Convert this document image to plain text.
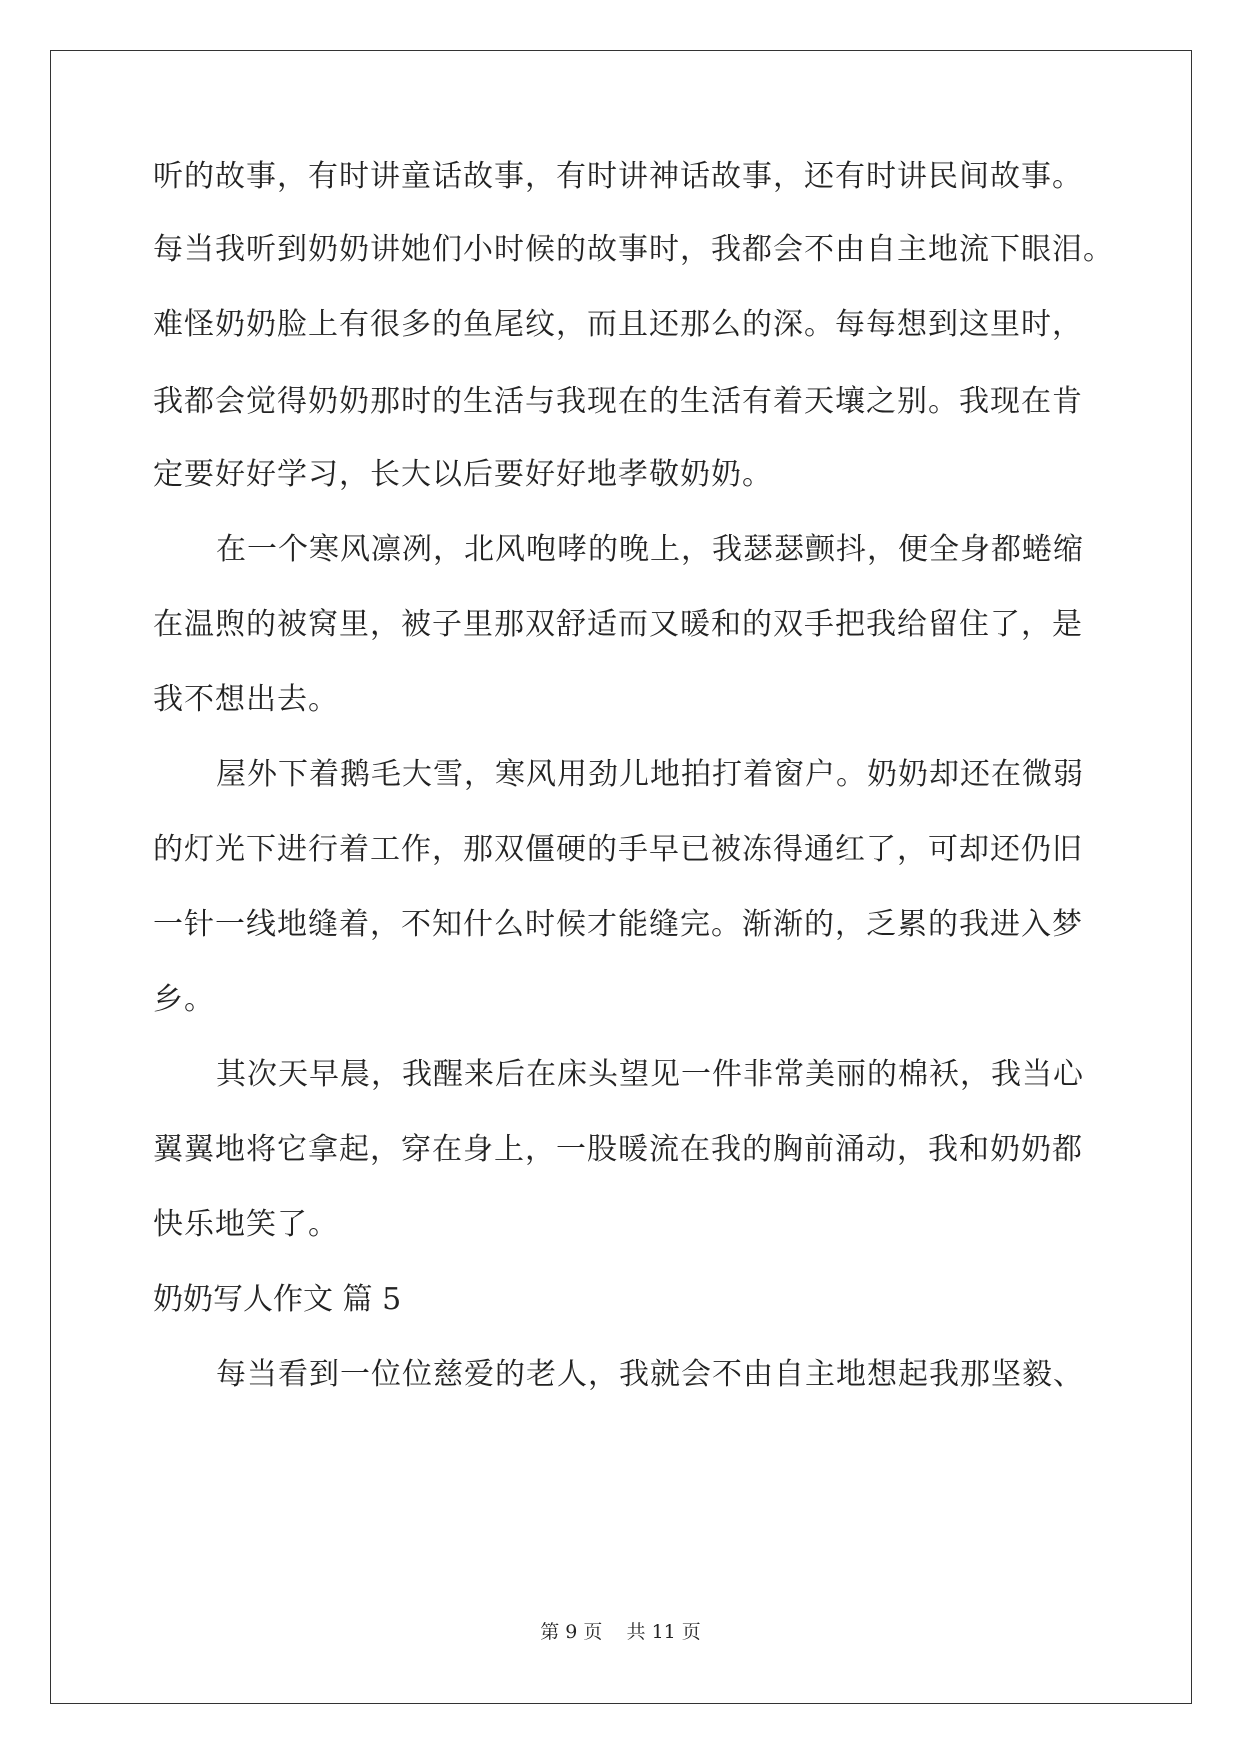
听的故事，有时讲童话故事，有时讲神话故事，还有时讲民间故事。
每当我听到奶奶讲她们小时候的故事时，我都会不由自主地流下眼泪。
难怪奶奶脸上有很多的鱼尾纹，而且还那么的深。每每想到这里时，
我都会觉得奶奶那时的生活与我现在的生活有着天壤之别。我现在肯
定要好好学习，长大以后要好好地孝敬奶奶。
在一个寒风凛冽，北风咆哮的晚上，我瑟瑟颤抖，便全身都蜷缩
在温煦的被窝里，被子里那双舒适而又暖和的双手把我给留住了，是
我不想出去。
屋外下着鹅毛大雪，寒风用劲儿地拍打着窗户。奶奶却还在微弱
的灯光下进行着工作，那双僵硬的手早已被冻得通红了，可却还仍旧
一针一线地缝着，不知什么时候才能缝完。渐渐的，乏累的我进入梦
乡。
其次天早晨，我醒来后在床头望见一件非常美丽的棉袄，我当心
翼翼地将它拿起，穿在身上，一股暖流在我的胸前涌动，我和奶奶都
快乐地笑了。
奶奶写人作文 篇 5
每当看到一位位慈爱的老人，我就会不由自主地想起我那坚毅、
第 9 页    共 11 页
